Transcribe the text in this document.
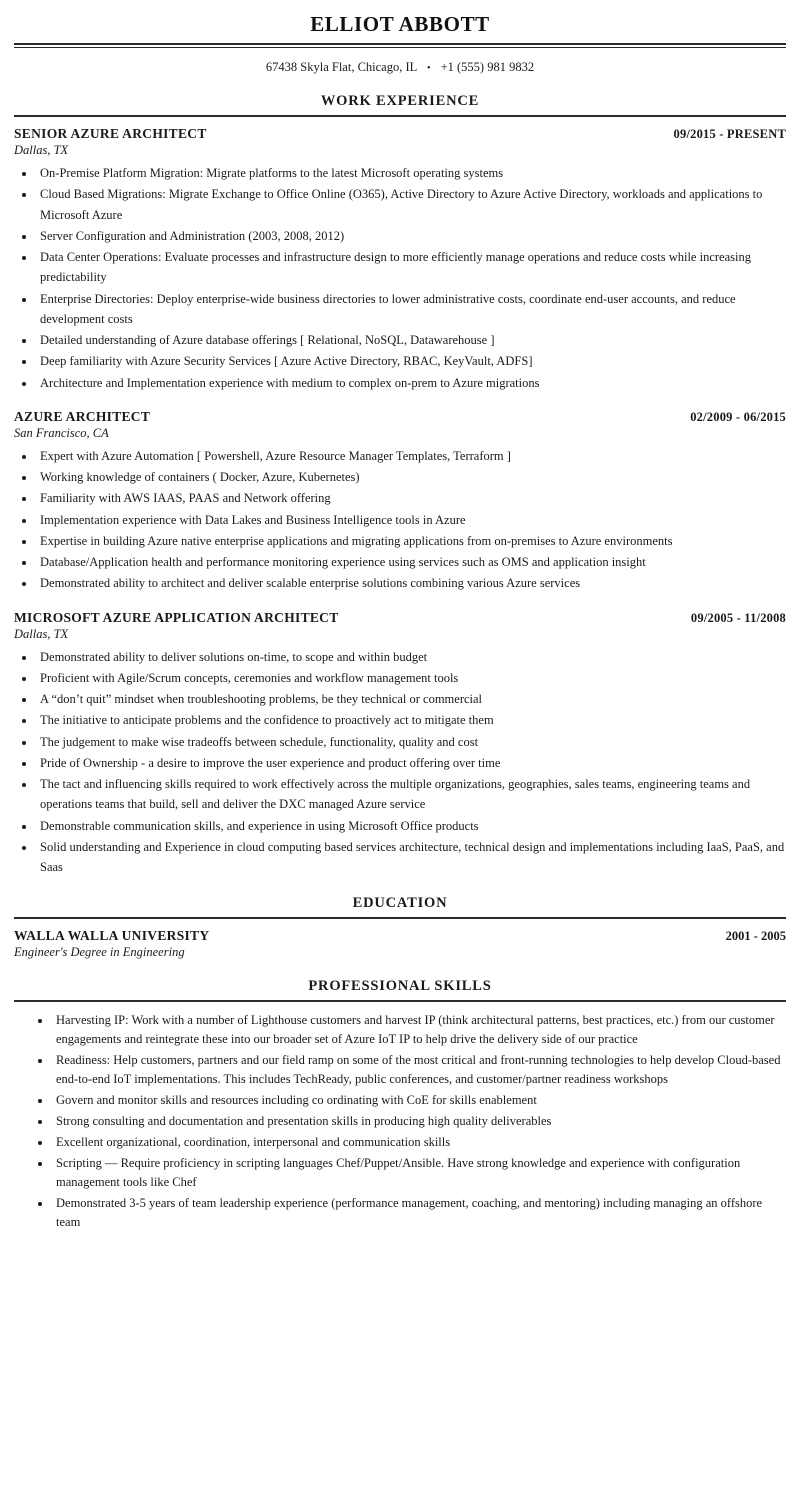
ELLIOT ABBOTT
67438 Skyla Flat, Chicago, IL • +1 (555) 981 9832
WORK EXPERIENCE
SENIOR AZURE ARCHITECT	09/2015 - PRESENT
Dallas, TX
• On-Premise Platform Migration: Migrate platforms to the latest Microsoft operating systems
• Cloud Based Migrations: Migrate Exchange to Office Online (O365), Active Directory to Azure Active Directory, workloads and applications to Microsoft Azure
• Server Configuration and Administration (2003, 2008, 2012)
• Data Center Operations: Evaluate processes and infrastructure design to more efficiently manage operations and reduce costs while increasing predictability
• Enterprise Directories: Deploy enterprise-wide business directories to lower administrative costs, coordinate end-user accounts, and reduce development costs
• Detailed understanding of Azure database offerings [ Relational, NoSQL, Datawarehouse ]
• Deep familiarity with Azure Security Services [ Azure Active Directory, RBAC, KeyVault, ADFS]
• Architecture and Implementation experience with medium to complex on-prem to Azure migrations
AZURE ARCHITECT	02/2009 - 06/2015
San Francisco, CA
• Expert with Azure Automation [ Powershell, Azure Resource Manager Templates, Terraform ]
• Working knowledge of containers ( Docker, Azure, Kubernetes)
• Familiarity with AWS IAAS, PAAS and Network offering
• Implementation experience with Data Lakes and Business Intelligence tools in Azure
• Expertise in building Azure native enterprise applications and migrating applications from on-premises to Azure environments
• Database/Application health and performance monitoring experience using services such as OMS and application insight
• Demonstrated ability to architect and deliver scalable enterprise solutions combining various Azure services
MICROSOFT AZURE APPLICATION ARCHITECT	09/2005 - 11/2008
Dallas, TX
• Demonstrated ability to deliver solutions on-time, to scope and within budget
• Proficient with Agile/Scrum concepts, ceremonies and workflow management tools
• A “don’t quit” mindset when troubleshooting problems, be they technical or commercial
• The initiative to anticipate problems and the confidence to proactively act to mitigate them
• The judgement to make wise tradeoffs between schedule, functionality, quality and cost
• Pride of Ownership - a desire to improve the user experience and product offering over time
• The tact and influencing skills required to work effectively across the multiple organizations, geographies, sales teams, engineering teams and operations teams that build, sell and deliver the DXC managed Azure service
• Demonstrable communication skills, and experience in using Microsoft Office products
• Solid understanding and Experience in cloud computing based services architecture, technical design and implementations including IaaS, PaaS, and Saas
EDUCATION
WALLA WALLA UNIVERSITY	2001 - 2005
Engineer's Degree in Engineering
PROFESSIONAL SKILLS
• Harvesting IP: Work with a number of Lighthouse customers and harvest IP (think architectural patterns, best practices, etc.) from our customer engagements and reintegrate these into our broader set of Azure IoT IP to help drive the delivery side of our practice
• Readiness: Help customers, partners and our field ramp on some of the most critical and front-running technologies to help develop Cloud-based end-to-end IoT implementations. This includes TechReady, public conferences, and customer/partner readiness workshops
• Govern and monitor skills and resources including co ordinating with CoE for skills enablement
• Strong consulting and documentation and presentation skills in producing high quality deliverables
• Excellent organizational, coordination, interpersonal and communication skills
• Scripting — Require proficiency in scripting languages Chef/Puppet/Ansible. Have strong knowledge and experience with configuration management tools like Chef
• Demonstrated 3-5 years of team leadership experience (performance management, coaching, and mentoring) including managing an offshore team
